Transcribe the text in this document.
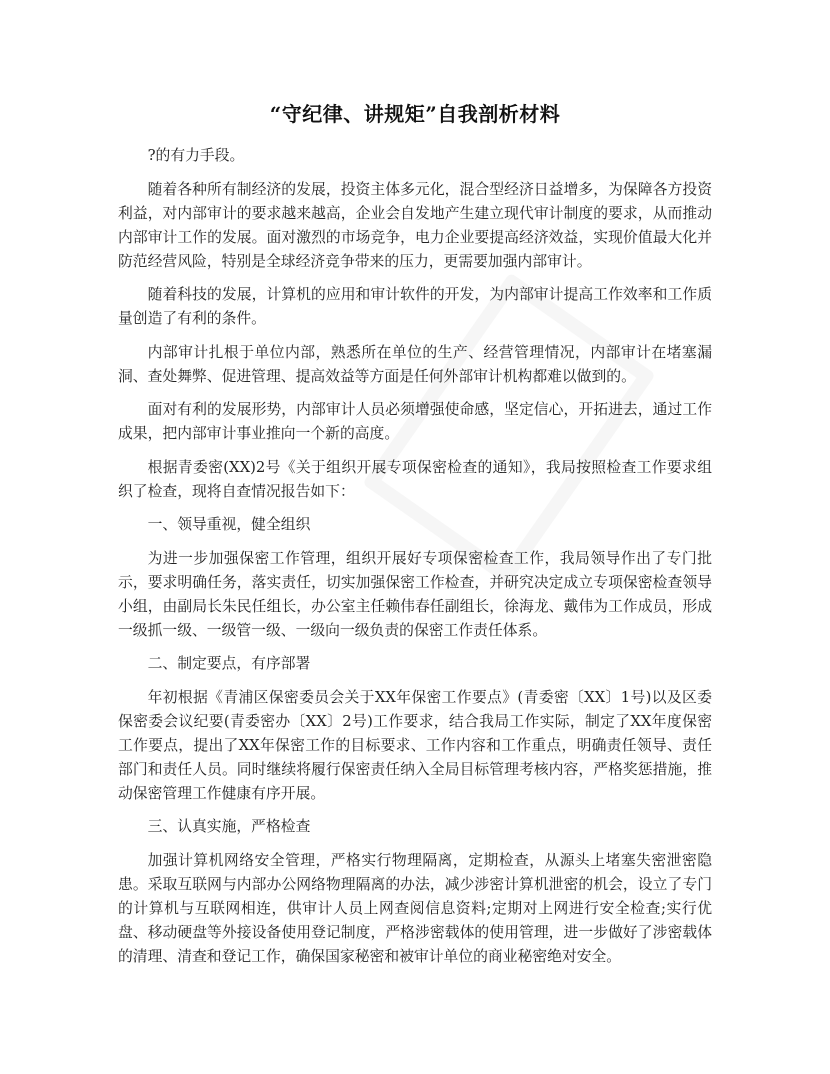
“守纪律、讲规矩”自我剖析材料

?的有力手段。

随着各种所有制经济的发展，投资主体多元化，混合型经济日益增多，为保障各方投资利益，对内部审计的要求越来越高，企业会自发地产生建立现代审计制度的要求，从而推动内部审计工作的发展。面对激烈的市场竞争，电力企业要提高经济效益，实现价值最大化并防范经营风险，特别是全球经济竞争带来的压力，更需要加强内部审计。

随着科技的发展，计算机的应用和审计软件的开发，为内部审计提高工作效率和工作质量创造了有利的条件。

内部审计扎根于单位内部，熟悉所在单位的生产、经营管理情况，内部审计在堵塞漏洞、查处舞弊、促进管理、提高效益等方面是任何外部审计机构都难以做到的。

面对有利的发展形势，内部审计人员必须增强使命感，坚定信心，开拓进去，通过工作成果，把内部审计事业推向一个新的高度。

根据青委密(XX)2号《关于组织开展专项保密检查的通知》，我局按照检查工作要求组织了检查，现将自查情况报告如下：

一、领导重视，健全组织

为进一步加强保密工作管理，组织开展好专项保密检查工作，我局领导作出了专门批示，要求明确任务，落实责任，切实加强保密工作检查，并研究决定成立专项保密检查领导小组，由副局长朱民任组长，办公室主任赖伟春任副组长，徐海龙、戴伟为工作成员，形成一级抓一级、一级管一级、一级向一级负责的保密工作责任体系。

二、制定要点，有序部署

年初根据《青浦区保密委员会关于XX年保密工作要点》(青委密〔XX〕1号)以及区委保密委会议纪要(青委密办〔XX〕2号)工作要求，结合我局工作实际，制定了XX年度保密工作要点，提出了XX年保密工作的目标要求、工作内容和工作重点，明确责任领导、责任部门和责任人员。同时继续将履行保密责任纳入全局目标管理考核内容，严格奖惩措施，推动保密管理工作健康有序开展。

三、认真实施，严格检查

加强计算机网络安全管理，严格实行物理隔离，定期检查，从源头上堵塞失密泄密隐患。采取互联网与内部办公网络物理隔离的办法，减少涉密计算机泄密的机会，设立了专门的计算机与互联网相连，供审计人员上网查阅信息资料;定期对上网进行安全检查;实行优盘、移动硬盘等外接设备使用登记制度，严格涉密载体的使用管理，进一步做好了涉密载体的清理、清查和登记工作，确保国家秘密和被审计单位的商业秘密绝对安全。
